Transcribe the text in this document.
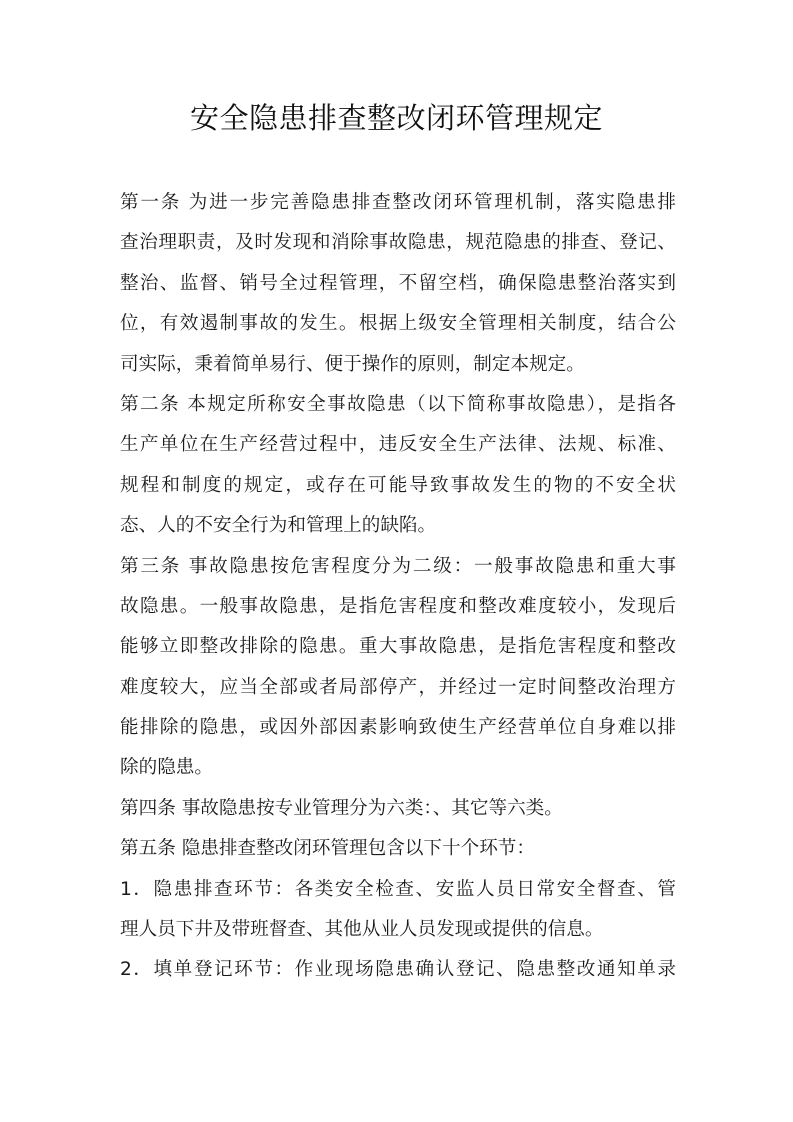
安全隐患排查整改闭环管理规定
第一条 为进一步完善隐患排查整改闭环管理机制，落实隐患排
查治理职责，及时发现和消除事故隐患，规范隐患的排查、登记、
整治、监督、销号全过程管理，不留空档，确保隐患整治落实到
位，有效遏制事故的发生。根据上级安全管理相关制度，结合公
司实际，秉着简单易行、便于操作的原则，制定本规定。
第二条 本规定所称安全事故隐患（以下简称事故隐患），是指各
生产单位在生产经营过程中，违反安全生产法律、法规、标准、
规程和制度的规定，或存在可能导致事故发生的物的不安全状
态、人的不安全行为和管理上的缺陷。
第三条 事故隐患按危害程度分为二级：一般事故隐患和重大事
故隐患。一般事故隐患，是指危害程度和整改难度较小，发现后
能够立即整改排除的隐患。重大事故隐患，是指危害程度和整改
难度较大，应当全部或者局部停产，并经过一定时间整改治理方
能排除的隐患，或因外部因素影响致使生产经营单位自身难以排
除的隐患。
第四条 事故隐患按专业管理分为六类：、其它等六类。
第五条 隐患排查整改闭环管理包含以下十个环节：
1．隐患排查环节：各类安全检查、安监人员日常安全督查、管
理人员下井及带班督查、其他从业人员发现或提供的信息。
2．填单登记环节：作业现场隐患确认登记、隐患整改通知单录
